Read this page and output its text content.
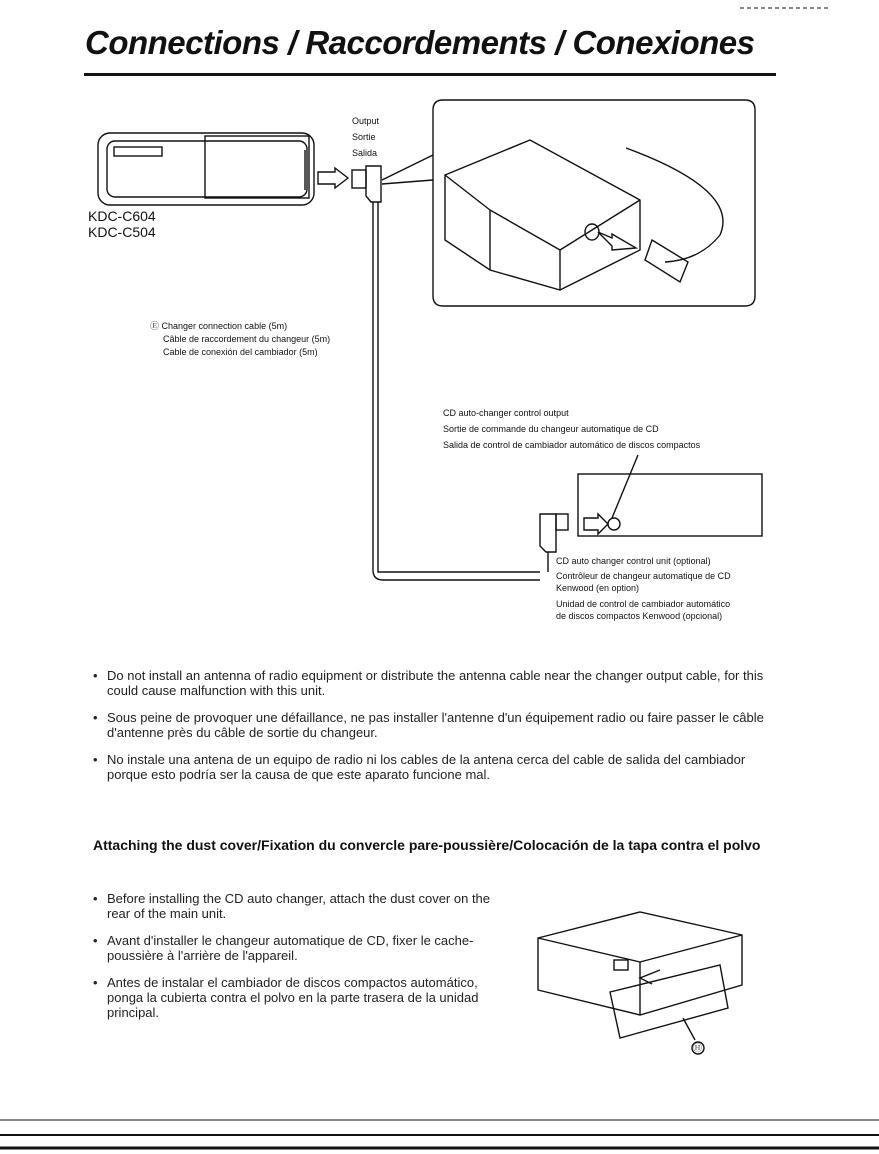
Connections / Raccordements / Conexiones
Output
Sortie
Salida
KDC-C604
KDC-C504
Ⓔ Changer connection cable (5m)
Câble de raccordement du changeur (5m)
Cable de conexión del cambiador (5m)
CD auto-changer control output
Sortie de commande du changeur automatique de CD
Salida de control de cambiador automático de discos compactos
CD auto changer control unit (optional)
Contrôleur de changeur automatique de CD
Kenwood (en option)
Unidad de control de cambiador automático
de discos compactos Kenwood (opcional)
• Do not install an antenna of radio equipment or distribute the antenna cable near the changer output cable, for this could cause malfunction with this unit.
• Sous peine de provoquer une défaillance, ne pas installer l'antenne d'un équipement radio ou faire passer le câble d'antenne près du câble de sortie du changeur.
• No instale una antena de un equipo de radio ni los cables de la antena cerca del cable de salida del cambiador porque esto podría ser la causa de que este aparato funcione mal.
Attaching the dust cover/Fixation du convercle pare-poussière/Colocación de la tapa contra el polvo
• Before installing the CD auto changer, attach the dust cover on the rear of the main unit.
• Avant d'installer le changeur automatique de CD, fixer le cache-poussière à l'arrière de l'appareil.
• Antes de instalar el cambiador de discos compactos automático, ponga la cubierta contra el polvo en la parte trasera de la unidad principal.
Ⓗ
